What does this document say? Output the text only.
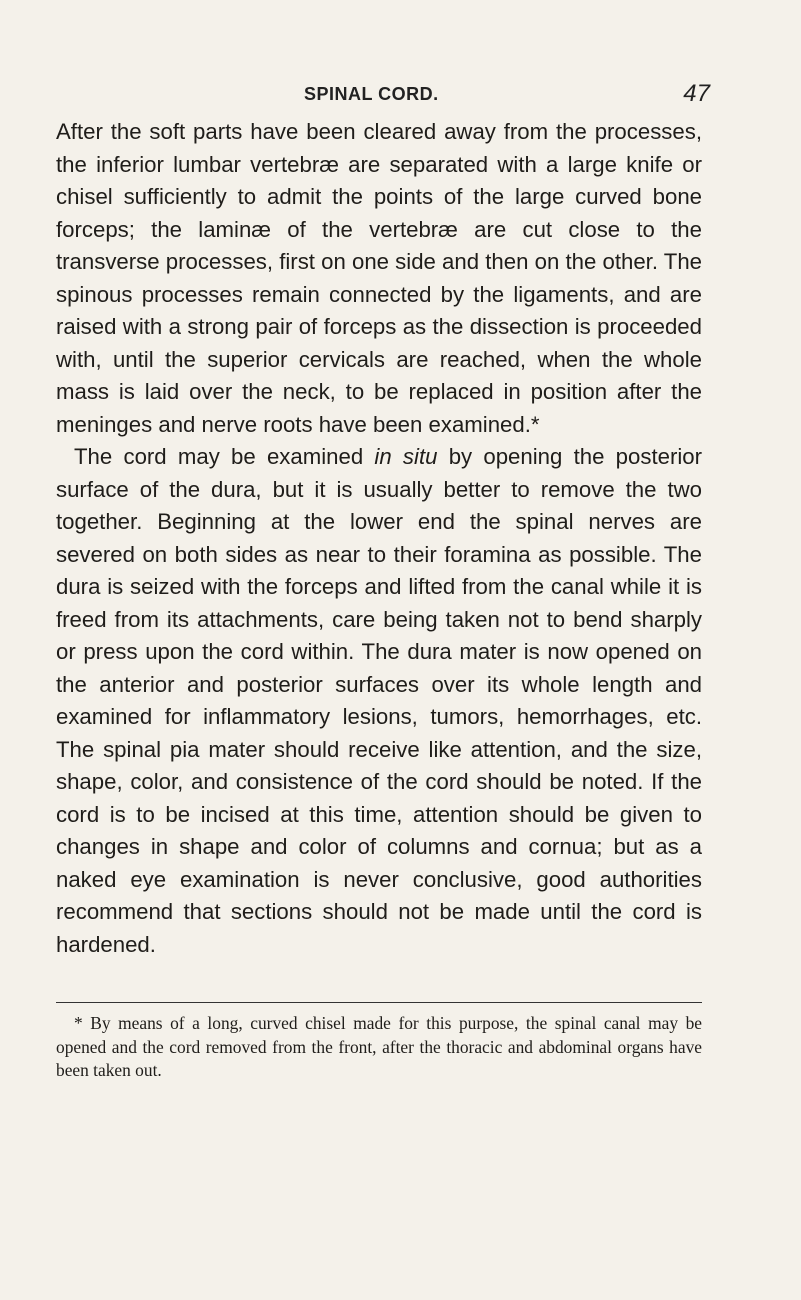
SPINAL CORD.	47

After the soft parts have been cleared away from the processes, the inferior lumbar vertebræ are separated with a large knife or chisel sufficiently to admit the points of the large curved bone forceps; the laminæ of the vertebræ are cut close to the transverse processes, first on one side and then on the other. The spinous processes remain connected by the ligaments, and are raised with a strong pair of forceps as the dissection is proceeded with, until the superior cervicals are reached, when the whole mass is laid over the neck, to be replaced in position after the meninges and nerve roots have been examined.*

The cord may be examined in situ by opening the posterior surface of the dura, but it is usually better to remove the two together. Beginning at the lower end the spinal nerves are severed on both sides as near to their foramina as possible. The dura is seized with the forceps and lifted from the canal while it is freed from its attachments, care being taken not to bend sharply or press upon the cord within. The dura mater is now opened on the anterior and posterior surfaces over its whole length and examined for inflammatory lesions, tumors, hemorrhages, etc. The spinal pia mater should receive like attention, and the size, shape, color, and consistence of the cord should be noted. If the cord is to be incised at this time, attention should be given to changes in shape and color of columns and cornua; but as a naked eye examination is never conclusive, good authorities recommend that sections should not be made until the cord is hardened.

* By means of a long, curved chisel made for this purpose, the spinal canal may be opened and the cord removed from the front, after the thoracic and abdominal organs have been taken out.
